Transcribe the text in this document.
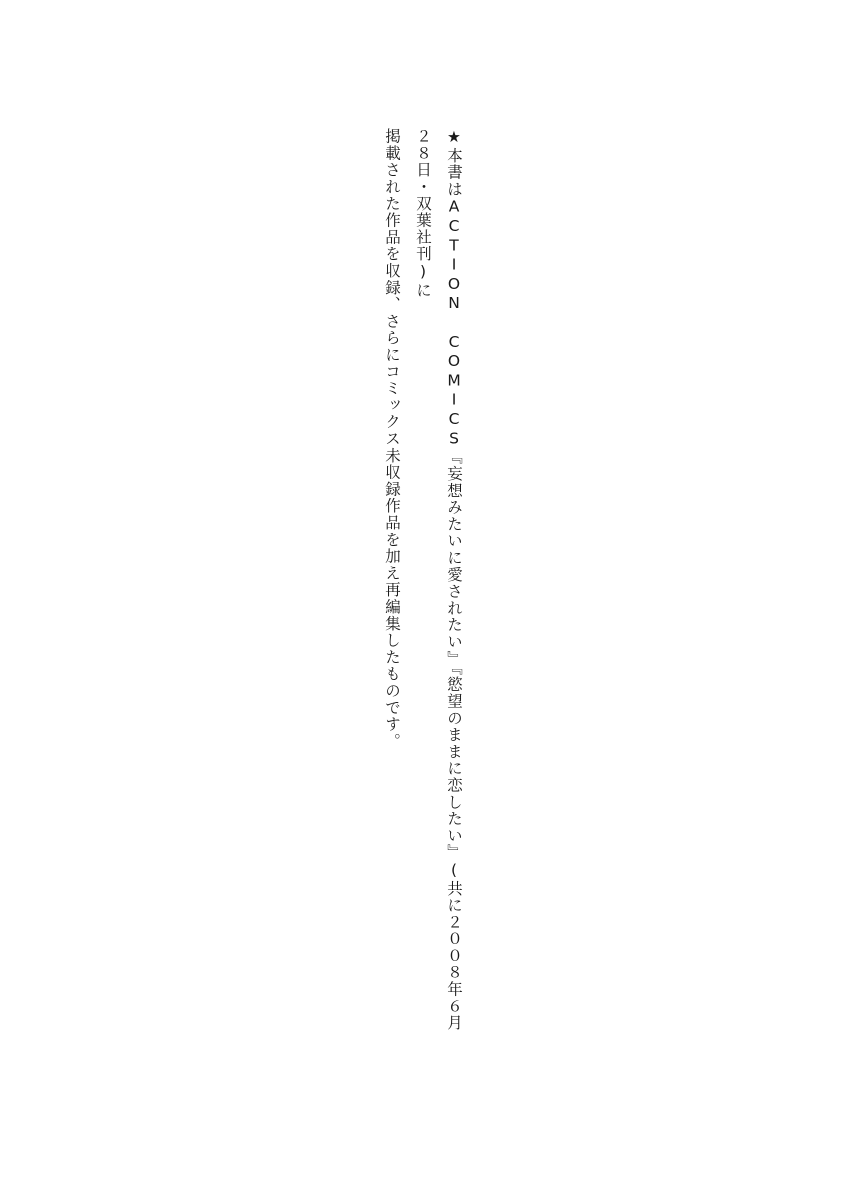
掲載された作品を収録、さらにコミックス未収録作品を加え再編集したものです。	★本書はACTION COMICS『妄想みたいに愛されたい』『慾望のままに恋したい』(共に２００８年６月２８日・双葉社刊)に
